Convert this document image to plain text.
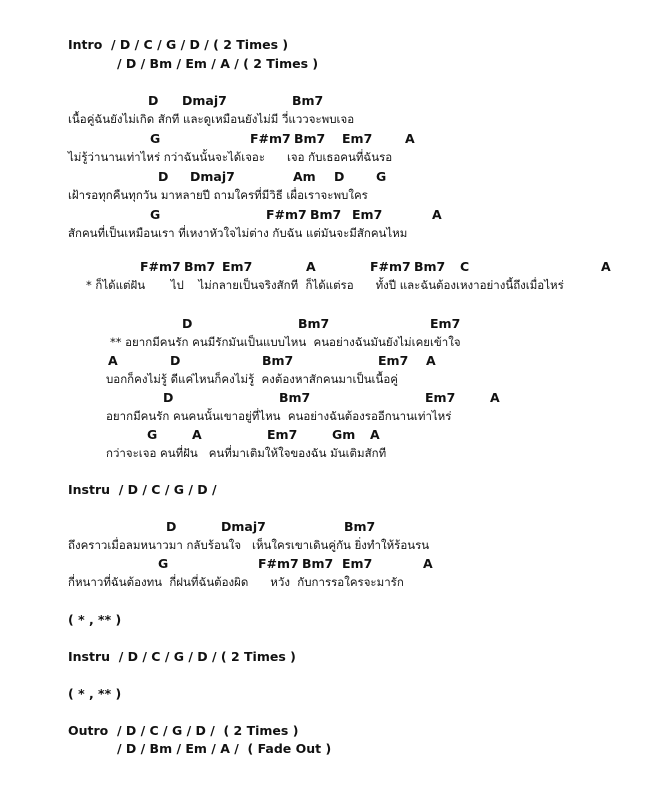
Intro  / D / C / G / D / ( 2 Times )
/ D / Bm / Em / A / ( 2 Times )
D Dmaj7	Bm7
เนื้อคู่ฉันยังไม่เกิด สักที และดูเหมือนยังไม่มี วี่แววจะพบเจอ
G	F#m7 Bm7 Em7	A
ไม่รู้ว่านานเท่าไหร่ กว่าฉันนั้นจะได้เจอะ      เจอ กับเธอคนที่ฉันรอ
D Dmaj7	Am D	G
เฝ้ารอทุกคืนทุกวัน มาหลายปี ถามใครที่มีวิธี เผื่อเราจะพบใคร
G	F#m7 Bm7 Em7	A
สักคนที่เป็นเหมือนเรา ที่เหงาหัวใจไม่ต่าง กับฉัน แต่มันจะมีสักคนไหม
F#m7 Bm7 Em7	A	F#m7 Bm7 C	A
* ก็ได้แต่ฝัน       ไป    ไม่กลายเป็นจริงสักที  ก็ได้แต่รอ      ทั้งปี และฉันต้องเหงาอย่างนี้ถึงเมื่อไหร่
D	Bm7	Em7
** อยากมีคนรัก คนมีรักมันเป็นแบบไหน  คนอย่างฉันมันยังไม่เคยเข้าใจ
A	D	Bm7	Em7 A
บอกก็คงไม่รู้ ดีแค่ไหนก็คงไม่รู้  คงต้องหาสักคนมาเป็นเนื้อคู่
D	Bm7	Em7	A
อยากมีคนรัก คนคนนั้นเขาอยู่ที่ไหน  คนอย่างฉันต้องรออีกนานเท่าไหร่
G	A	Em7	Gm A
กว่าจะเจอ คนที่ฝัน   คนที่มาเติมให้ใจของฉัน มันเติมสักที
Instru  / D / C / G / D /
D	Dmaj7	Bm7
ถึงคราวเมื่อลมหนาวมา กลับร้อนใจ   เห็นใครเขาเดินคู่กัน ยิ่งทำให้ร้อนรน
G	F#m7 Bm7 Em7	A
กี่หนาวที่ฉันต้องทน  กี่ฝนที่ฉันต้องผิด      หวัง  กับการรอใครจะมารัก
( * , ** )
Instru  / D / C / G / D / ( 2 Times )
( * , ** )
Outro  / D / C / G / D /  ( 2 Times )
/ D / Bm / Em / A /  ( Fade Out )
